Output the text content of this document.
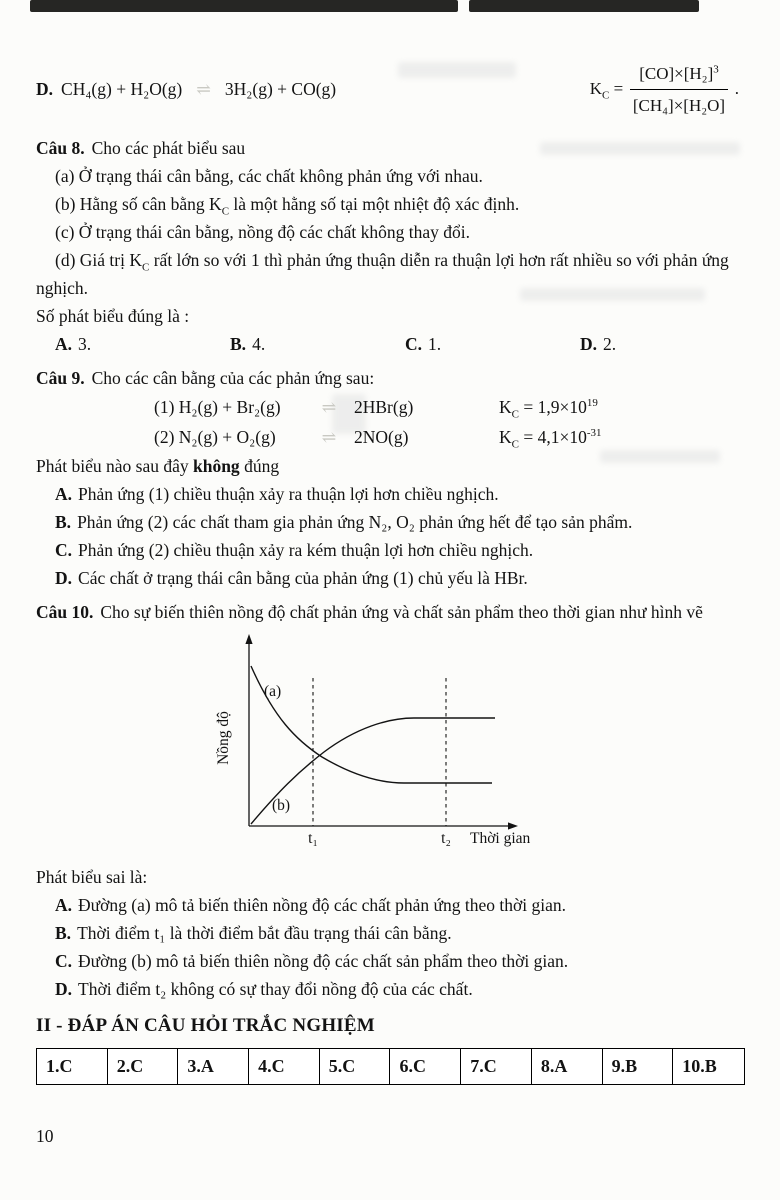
D. CH₄(g) + H₂O(g) ⇌ 3H₂(g) + CO(g)	$K_C = \frac{[CO]\times[H_2]^3}{\text{[CH₄]×[H₂O]}}$ .

Câu 8. Cho các phát biểu sau

(a) Ở trạng thái cân bằng, các chất không phản ứng với nhau.

(b) Hằng số cân bằng $K_C$ là một hằng số tại một nhiệt độ xác định.

(c) Ở trạng thái cân bằng, nồng độ các chất không thay đổi.

(d) Giá trị $K_C$ rất lớn so với 1 thì phản ứng thuận diễn ra thuận lợi hơn rất nhiều so với phản ứng nghịch.

Số phát biểu đúng là :

A. 3.	B. 4.	C. 1.	D. 2.

Câu 9. Cho các cân bằng của các phản ứng sau:

(1) H₂(g) + Br₂(g)	⇌	2HBr(g)	$K_C = 1,9\times 10^{19}$
(2) N₂(g) + O₂(g)	⇌	2NO(g)	$K_C = 4,1\times 10^{-31}$

Phát biểu nào sau đây không đúng

A. Phản ứng (1) chiều thuận xảy ra thuận lợi hơn chiều nghịch.

B. Phản ứng (2) các chất tham gia phản ứng N₂, O₂ phản ứng hết để tạo sản phẩm.

C. Phản ứng (2) chiều thuận xảy ra kém thuận lợi hơn chiều nghịch.

D. Các chất ở trạng thái cân bằng của phản ứng (1) chủ yếu là HBr.

Câu 10. Cho sự biến thiên nồng độ chất phản ứng và chất sản phẩm theo thời gian như hình vẽ

(a)
(b)
t₁	t₂ Thời gian
Nồng độ

Phát biểu sai là:

A. Đường (a) mô tả biến thiên nồng độ các chất phản ứng theo thời gian.

B. Thời điểm t₁ là thời điểm bắt đầu trạng thái cân bằng.

C. Đường (b) mô tả biến thiên nồng độ các chất sản phẩm theo thời gian.

D. Thời điểm t₂ không có sự thay đổi nồng độ của các chất.

II - ĐÁP ÁN CÂU HỎI TRẮC NGHIỆM
1.C	2.C	3.A	4.C	5.C	6.C	7.C	8.A	9.B	10.B
10
